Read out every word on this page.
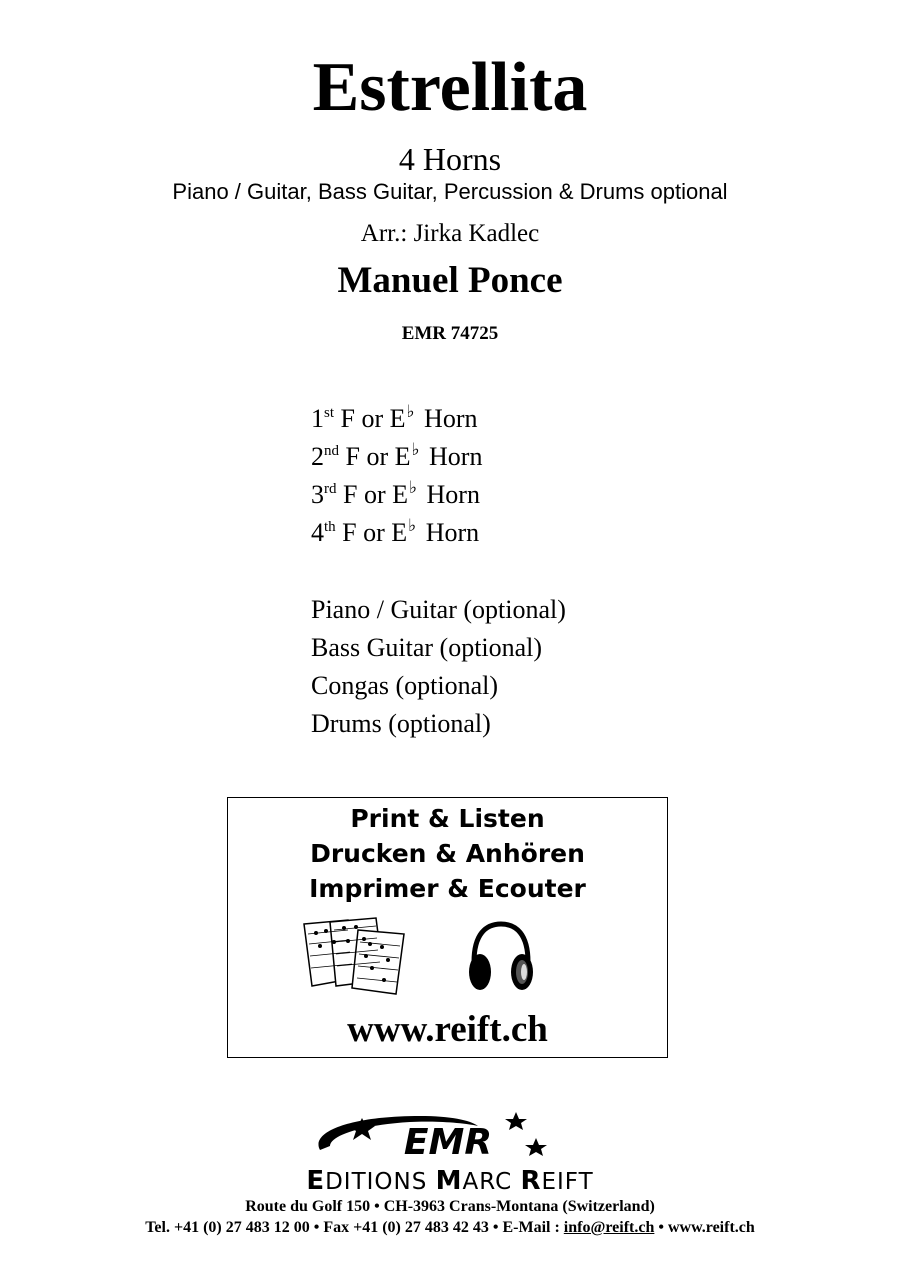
Estrellita
4 Horns
Piano / Guitar, Bass Guitar, Percussion & Drums optional
Arr.: Jirka Kadlec
Manuel Ponce
EMR 74725
1st F or E♭ Horn
2nd F or E♭ Horn
3rd F or E♭ Horn
4th F or E♭ Horn
Piano / Guitar (optional)
Bass Guitar (optional)
Congas (optional)
Drums (optional)
Print & Listen
Drucken & Anhören
Imprimer & Ecouter
www.reift.ch
EMR
EDITIONS MARC REIFT
Route du Golf 150 • CH-3963 Crans-Montana (Switzerland)
Tel. +41 (0) 27 483 12 00 • Fax +41 (0) 27 483 42 43 • E-Mail : info@reift.ch • www.reift.ch
